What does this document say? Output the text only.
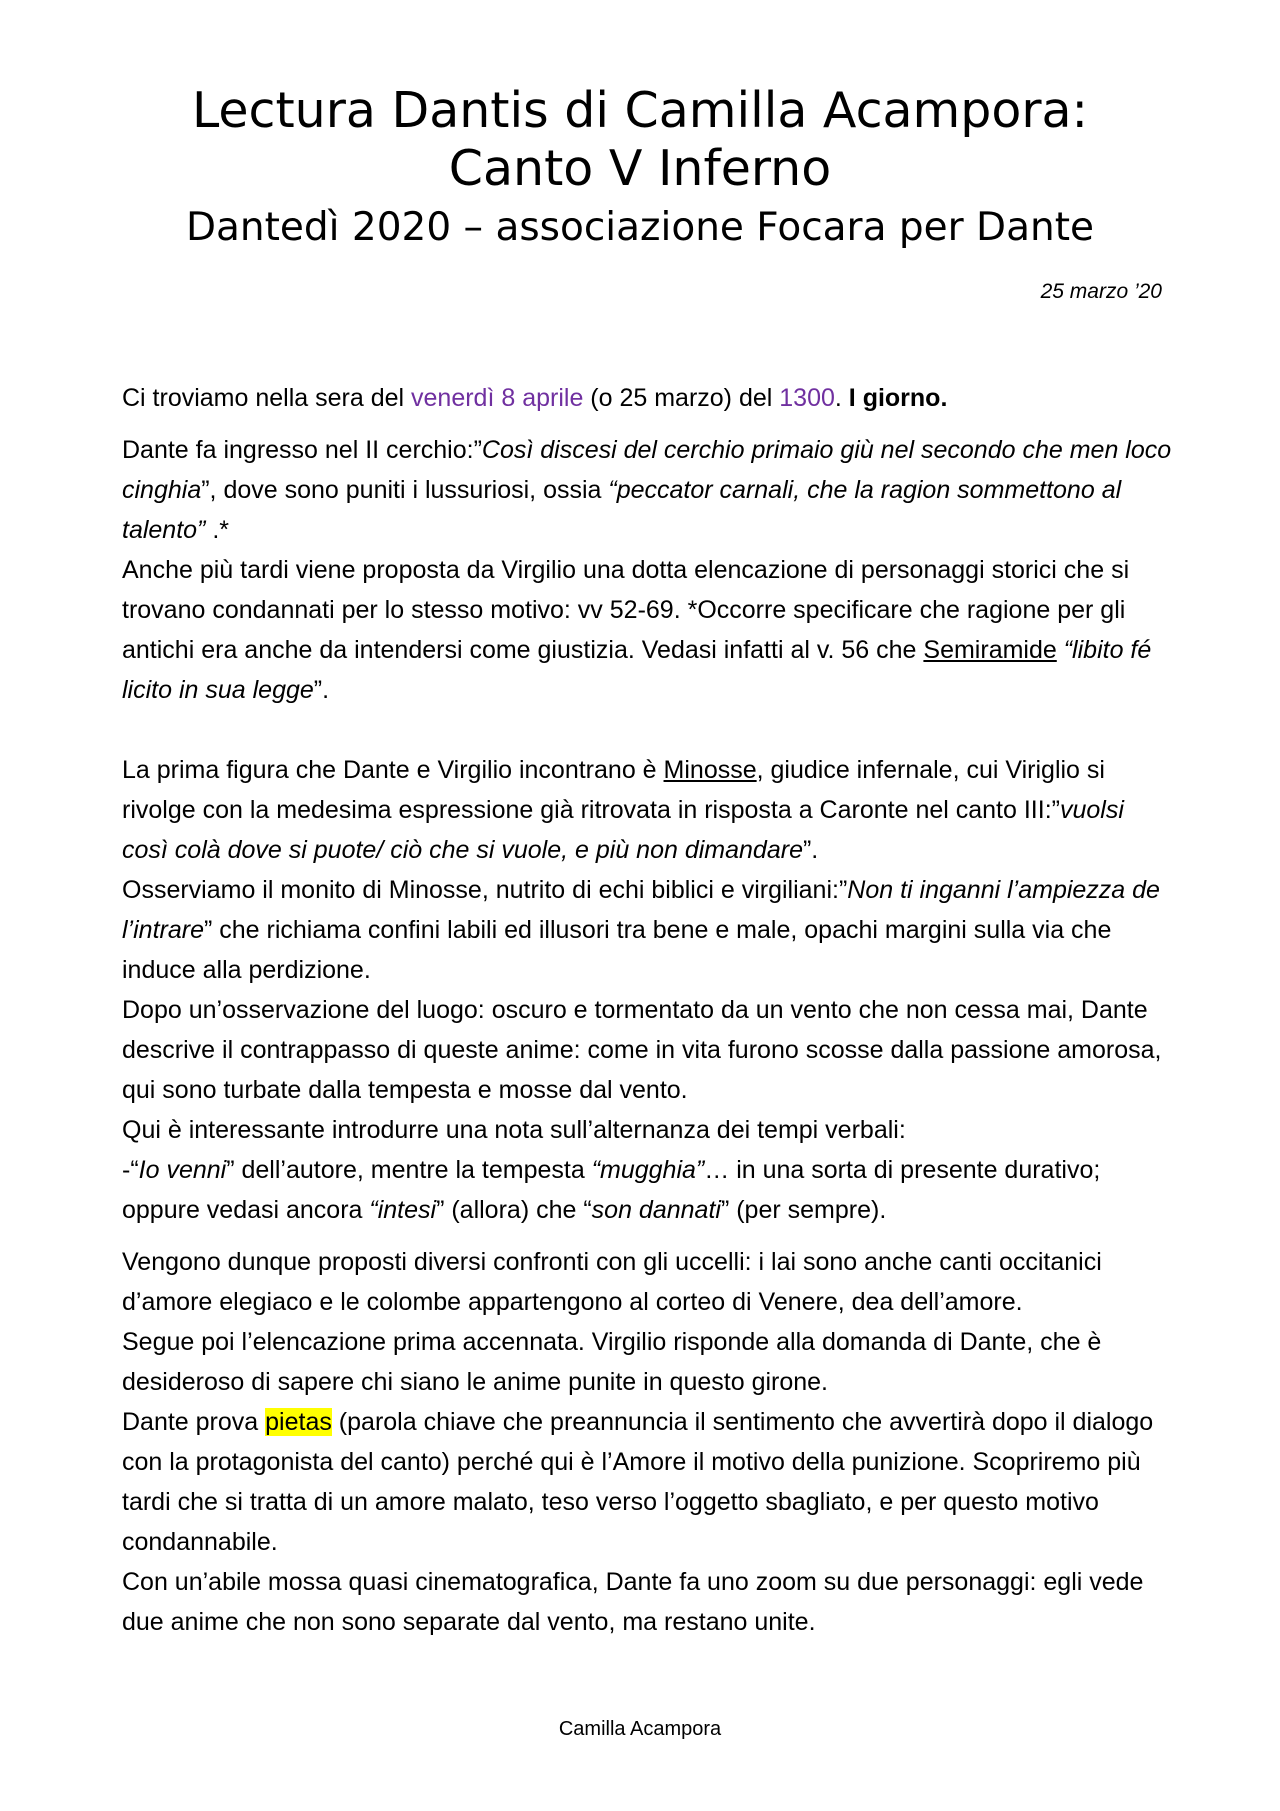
Lectura Dantis di Camilla Acampora:
Canto V Inferno
Dantedì 2020 – associazione Focara per Dante
25 marzo ’20

Ci troviamo nella sera del venerdì 8 aprile (o 25 marzo) del 1300. I giorno.

Dante fa ingresso nel II cerchio:”Così discesi del cerchio primaio giù nel secondo che men loco cinghia”, dove sono puniti i lussuriosi, ossia “peccator carnali, che la ragion sommettono al talento” .*

Anche più tardi viene proposta da Virgilio una dotta elencazione di personaggi storici che si trovano condannati per lo stesso motivo: vv 52-69. *Occorre specificare che ragione per gli antichi era anche da intendersi come giustizia. Vedasi infatti al v. 56 che Semiramide “libito fé licito in sua legge”.

La prima figura che Dante e Virgilio incontrano è Minosse, giudice infernale, cui Viriglio si rivolge con la medesima espressione già ritrovata in risposta a Caronte nel canto III:”vuolsi così colà dove si puote/ ciò che si vuole, e più non dimandare”.

Osserviamo il monito di Minosse, nutrito di echi biblici e virgiliani:”Non ti inganni l’ampiezza de l’intrare” che richiama confini labili ed illusori tra bene e male, opachi margini sulla via che induce alla perdizione.

Dopo un’osservazione del luogo: oscuro e tormentato da un vento che non cessa mai, Dante descrive il contrappasso di queste anime: come in vita furono scosse dalla passione amorosa, qui sono turbate dalla tempesta e mosse dal vento.

Qui è interessante introdurre una nota sull’alternanza dei tempi verbali:

-“Io venni” dell’autore, mentre la tempesta “mugghia”… in una sorta di presente durativo; oppure vedasi ancora “intesi” (allora) che “son dannati” (per sempre).

Vengono dunque proposti diversi confronti con gli uccelli: i lai sono anche canti occitanici d’amore elegiaco e le colombe appartengono al corteo di Venere, dea dell’amore.

Segue poi l’elencazione prima accennata. Virgilio risponde alla domanda di Dante, che è desideroso di sapere chi siano le anime punite in questo girone.

Dante prova pietas (parola chiave che preannuncia il sentimento che avvertirà dopo il dialogo con la protagonista del canto) perché qui è l’Amore il motivo della punizione. Scopriremo più tardi che si tratta di un amore malato, teso verso l’oggetto sbagliato, e per questo motivo condannabile.

Con un’abile mossa quasi cinematografica, Dante fa uno zoom su due personaggi: egli vede due anime che non sono separate dal vento, ma restano unite.

Camilla Acampora
